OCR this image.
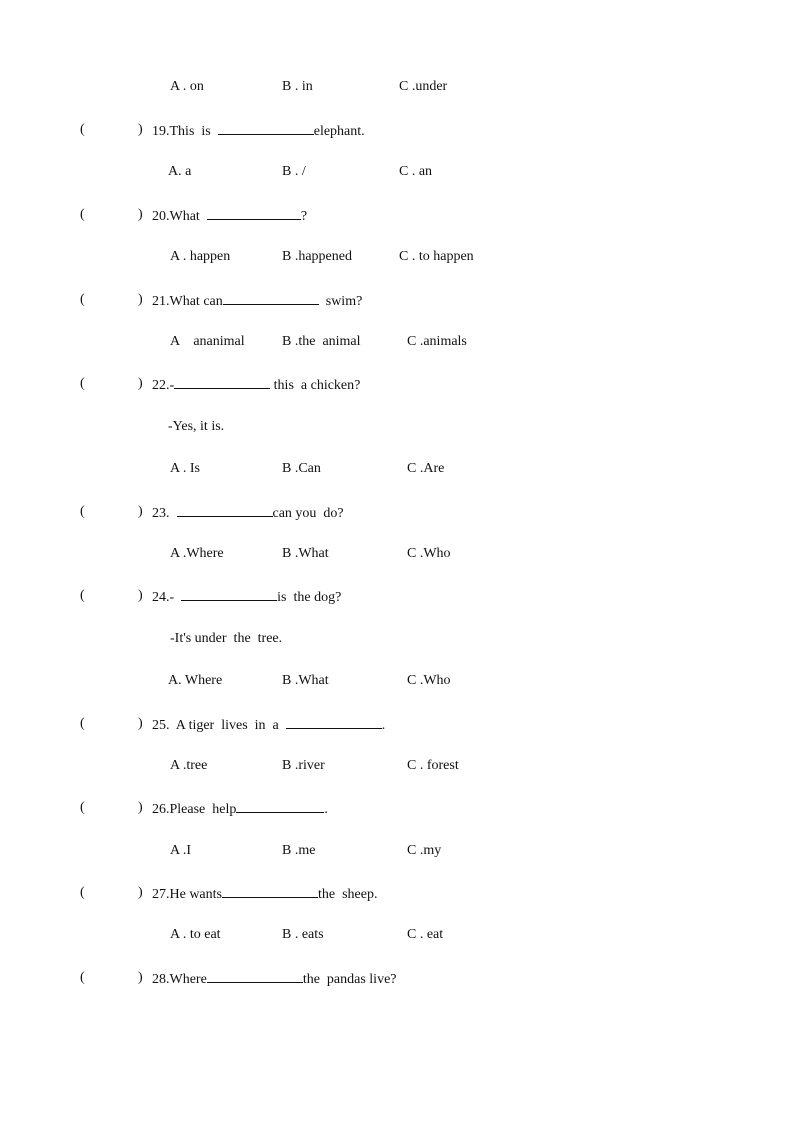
A . on	B . in	C .under
(	) 19.This  is	elephant.
A. a	B . /	C . an
(	) 20.What	?
A . happen	B .happened	C . to happen
(	) 21.What can	swim?
A    ananimal	B .the  animal	C .animals
(	) 22.-	this  a chicken?
-Yes, it is.
A . Is	B .Can	C .Are
(	) 23.	can you  do?
A .Where	B .What	C .Who
(	) 24.-	is  the dog?
-It's under  the  tree.
A. Where	B .What	C .Who
(	) 25.  A tiger  lives  in  a	.
A .tree	B .river	C . forest
(	) 26.Please  help	.
A .I	B .me	C .my
(	) 27.He wants	the  sheep.
A . to eat	B . eats	C . eat
(	) 28.Where	the  pandas live?
